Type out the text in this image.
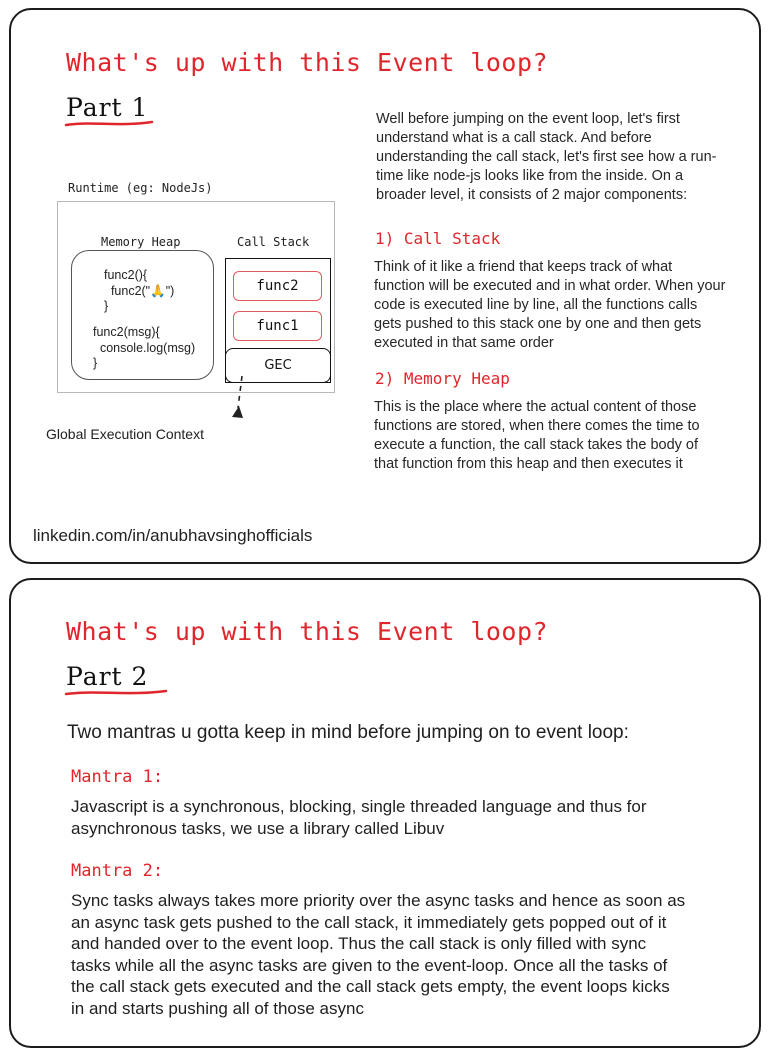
What's up with this Event loop?
Part 1	Well before jumping on the event loop, let's first understand what is a call stack. And before understanding the call stack, let's first see how a run-time like node-js looks like from the inside. On a broader level, it consists of 2 major components:

Runtime (eg: NodeJs)
Memory Heap	Call Stack
func2(){
func2("🙏")
}
func2(msg){
console.log(msg)
}
func2
func1
GEC
Global Execution Context
1) Call Stack

Think of it like a friend that keeps track of what function will be executed and in what order. When your code is executed line by line, all the functions calls gets pushed to this stack one by one and then gets executed in that same order

2) Memory Heap

This is the place where the actual content of those functions are stored, when there comes the time to execute a function, the call stack takes the body of that function from this heap and then executes it

linkedin.com/in/anubhavsinghofficials
What's up with this Event loop?
Part 2

Two mantras u gotta keep in mind before jumping on to event loop:

Mantra 1:

Javascript is a synchronous, blocking, single threaded language and thus for asynchronous tasks, we use a library called Libuv

Mantra 2:

Sync tasks always takes more priority over the async tasks and hence as soon as an async task gets pushed to the call stack, it immediately gets popped out of it and handed over to the event loop. Thus the call stack is only filled with sync tasks while all the async tasks are given to the event-loop. Once all the tasks of the call stack gets executed and the call stack gets empty, the event loops kicks in and starts pushing all of those async
